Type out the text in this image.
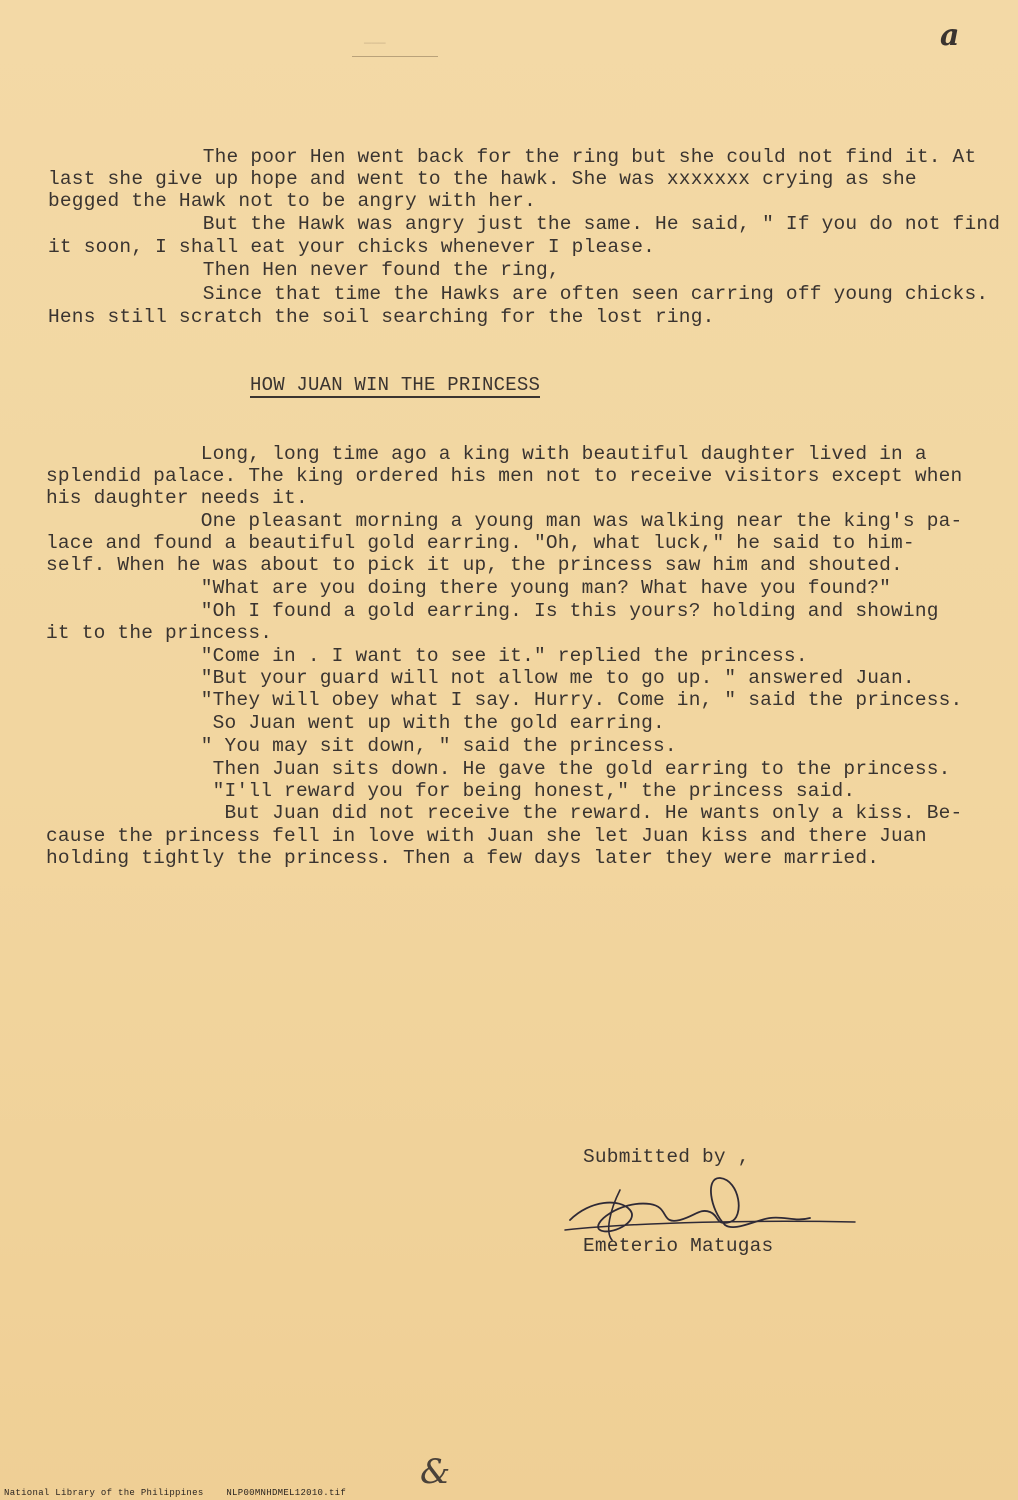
———	a
The poor Hen went back for the ring but she could not find it. At
last she give up hope and went to the hawk. She was xxxxxxx crying as she
begged the Hawk not to be angry with her.
But the Hawk was angry just the same. He said, " If you do not find
it soon, I shall eat your chicks whenever I please.
Then Hen never found the ring,
Since that time the Hawks are often seen carring off young chicks.
Hens still scratch the soil searching for the lost ring.
HOW JUAN WIN THE PRINCESS
Long, long time ago a king with beautiful daughter lived in a
splendid palace. The king ordered his men not to receive visitors except when
his daughter needs it.
One pleasant morning a young man was walking near the king's pa-
lace and found a beautiful gold earring. "Oh, what luck," he said to him-
self. When he was about to pick it up, the princess saw him and shouted.
"What are you doing there young man? What have you found?"
"Oh I found a gold earring. Is this yours? holding and showing
it to the princess.
"Come in . I want to see it." replied the princess.
"But your guard will not allow me to go up. " answered Juan.
"They will obey what I say. Hurry. Come in, " said the princess.
So Juan went up with the gold earring.
" You may sit down, " said the princess.
Then Juan sits down. He gave the gold earring to the princess.
"I'll reward you for being honest," the princess said.
But Juan did not receive the reward. He wants only a kiss. Be-
cause the princess fell in love with Juan she let Juan kiss and there Juan
holding tightly the princess. Then a few days later they were married.
Submitted by ,
Emeterio Matugas
&
National Library of the Philippines	NLP00MNHDMEL12010.tif
